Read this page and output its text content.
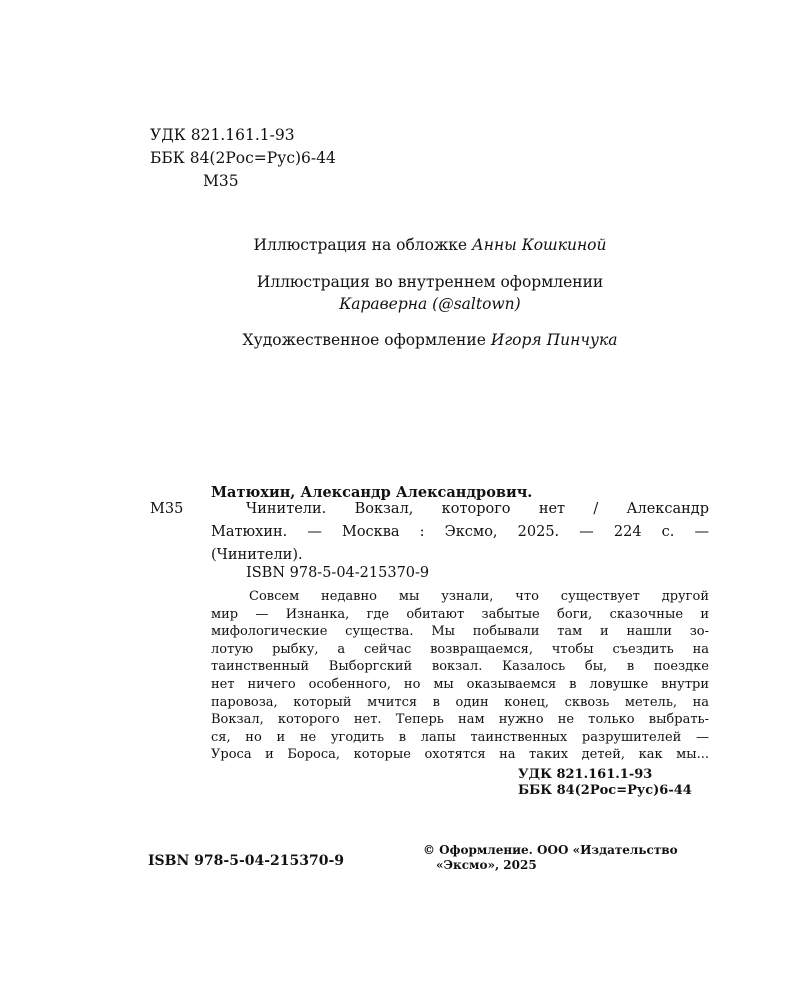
УДК 821.161.1-93
ББК 84(2Рос=Рус)6-44
М35
Иллюстрация на обложке Анны Кошкиной
Иллюстрация во внутреннем оформлении
Караверна (@saltown)
Художественное оформление Игоря Пинчука
Матюхин, Александр Александрович.
М35	Чинители. Вокзал, которого нет / Александр
Матюхин. — Москва : Эксмо, 2025. — 224 с. —
(Чинители).
ISBN 978-5-04-215370-9
Совсем недавно мы узнали, что существует другой
мир — Изнанка, где обитают забытые боги, сказочные и
мифологические существа. Мы побывали там и нашли зо-
лотую рыбку, а сейчас возвращаемся, чтобы съездить на
таинственный Выборгский вокзал. Казалось бы, в поездке
нет ничего особенного, но мы оказываемся в ловушке внутри
паровоза, который мчится в один конец, сквозь метель, на
Вокзал, которого нет. Теперь нам нужно не только выбрать-
ся, но и не угодить в лапы таинственных разрушителей —
Уроса и Бороса, которые охотятся на таких детей, как мы...
УДК 821.161.1-93
ББК 84(2Рос=Рус)6-44
ISBN 978-5-04-215370-9
© Оформление. ООО «Издательство
«Эксмо», 2025
